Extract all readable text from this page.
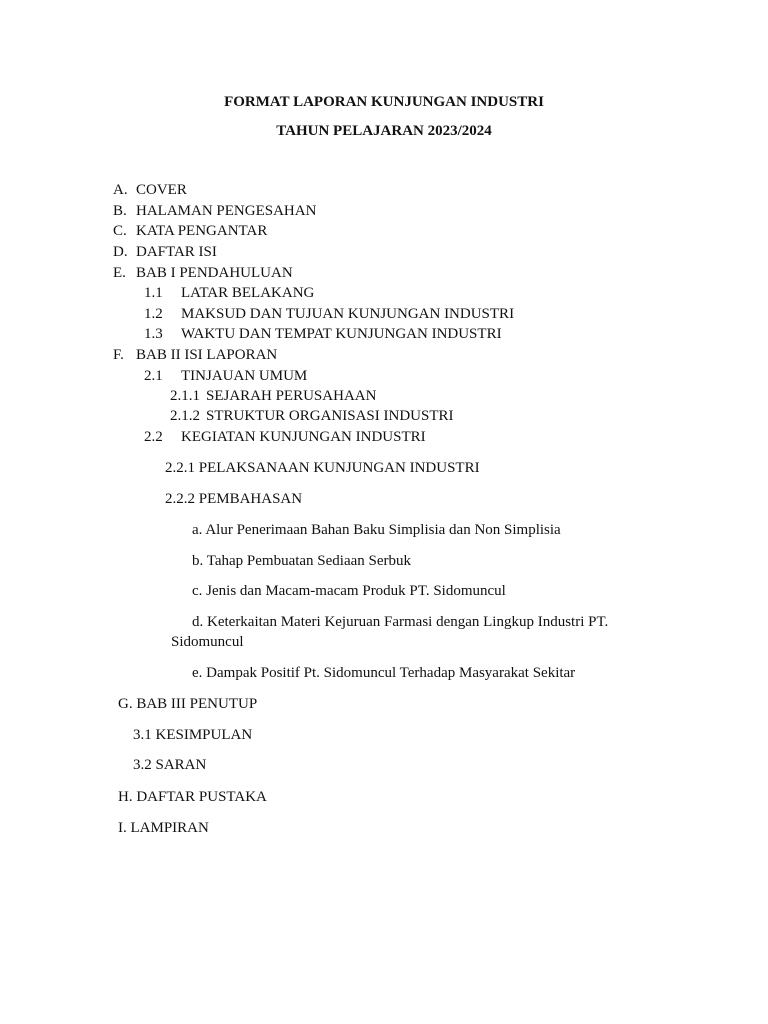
FORMAT LAPORAN KUNJUNGAN INDUSTRI
TAHUN PELAJARAN 2023/2024
A. COVER
B. HALAMAN PENGESAHAN
C. KATA PENGANTAR
D. DAFTAR ISI
E. BAB I PENDAHULUAN
1.1 LATAR BELAKANG
1.2 MAKSUD DAN TUJUAN KUNJUNGAN INDUSTRI
1.3 WAKTU DAN TEMPAT KUNJUNGAN INDUSTRI
F. BAB II ISI LAPORAN
2.1 TINJAUAN UMUM
2.1.1 SEJARAH PERUSAHAAN
2.1.2 STRUKTUR ORGANISASI INDUSTRI
2.2 KEGIATAN KUNJUNGAN INDUSTRI
2.2.1 PELAKSANAAN KUNJUNGAN INDUSTRI
2.2.2 PEMBAHASAN
a. Alur Penerimaan Bahan Baku Simplisia dan Non Simplisia
b. Tahap Pembuatan Sediaan Serbuk
c. Jenis dan Macam-macam Produk PT. Sidomuncul
d. Keterkaitan Materi Kejuruan Farmasi dengan Lingkup Industri PT.
Sidomuncul
e. Dampak Positif Pt. Sidomuncul Terhadap Masyarakat Sekitar
G. BAB III PENUTUP
3.1 KESIMPULAN
3.2 SARAN
H. DAFTAR PUSTAKA
I. LAMPIRAN
